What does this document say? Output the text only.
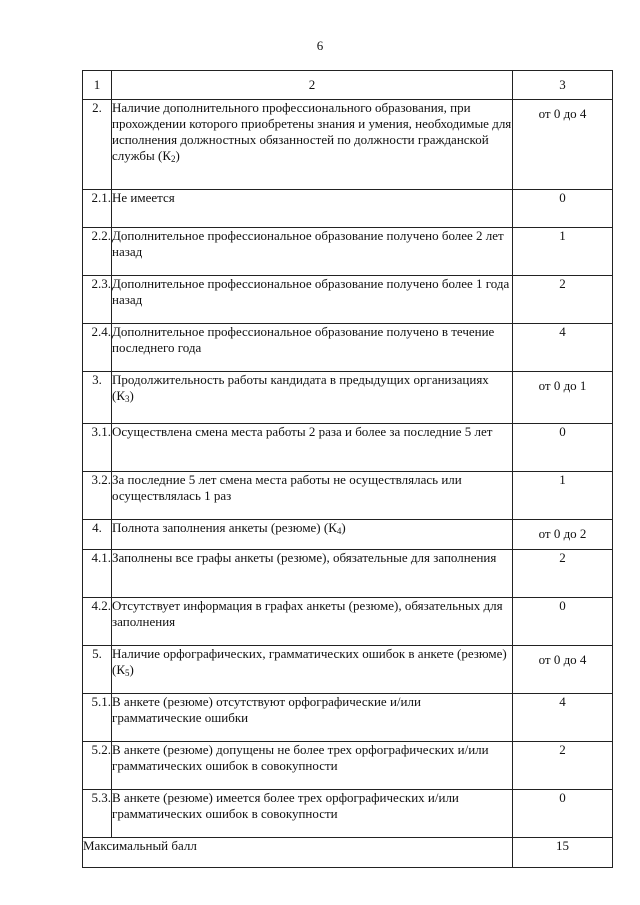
6
1	2	3
2.	Наличие дополнительного профессионального образования, при прохождении которого приобретены знания и умения, необходимые для исполнения должностных обязанностей по должности гражданской службы $(К_2)$	от 0 до 4
2.1.	Не имеется	0
2.2.	Дополнительное профессиональное образование получено более 2 лет назад	1
2.3.	Дополнительное профессиональное образование получено более 1 года назад	2
2.4.	Дополнительное профессиональное образование получено в течение последнего года	4
3.	Продолжительность работы кандидата в предыдущих организациях $(К_3)$	от 0 до 1
3.1.	Осуществлена смена места работы 2 раза и более за последние 5 лет	0
3.2.	За последние 5 лет смена места работы не осуществлялась или осуществлялась 1 раз	1
4.	Полнота заполнения анкеты (резюме) $(К_4)$	от 0 до 2
4.1.	Заполнены все графы анкеты (резюме), обязательные для заполнения	2
4.2.	Отсутствует информация в графах анкеты (резюме), обязательных для заполнения	0
5.	Наличие орфографических, грамматических ошибок в анкете (резюме) $(К_5)$	от 0 до 4
5.1.	В анкете (резюме) отсутствуют орфографические и/или грамматические ошибки	4
5.2.	В анкете (резюме) допущены не более трех орфографических и/или грамматических ошибок в совокупности	2
5.3.	В анкете (резюме) имеется более трех орфографических и/или грамматических ошибок в совокупности	0
Максимальный балл		15
